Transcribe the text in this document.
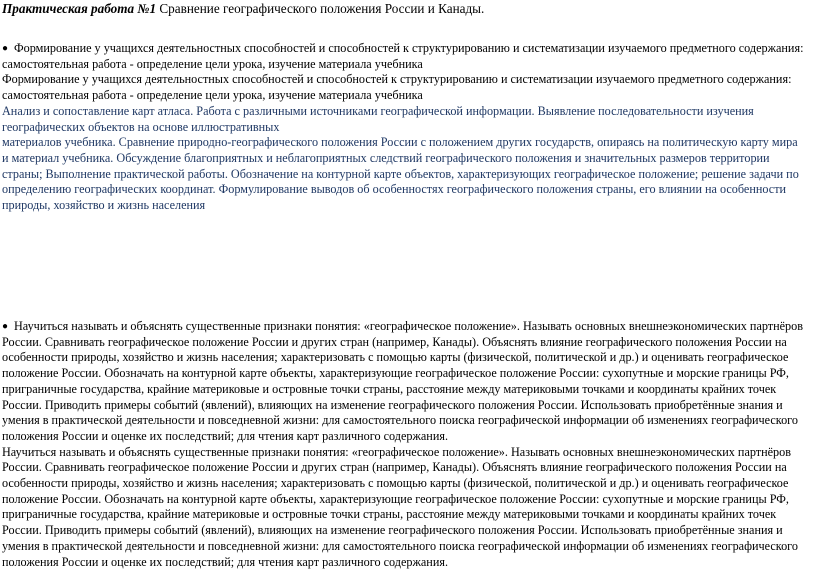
Практическая работа №1 Сравнение географического положения России и Канады.
● Формирование у учащихся деятельностных способностей и способностей к структурированию и систематизации изучаемого предметного содержания:
самостоятельная работа - определение цели урока, изучение материала учебника
Формирование у учащихся деятельностных способностей и способностей к структурированию и систематизации изучаемого предметного содержания:
самостоятельная работа - определение цели урока, изучение материала учебника
Анализ и сопоставление карт атласа. Работа с различными источниками географической информации. Выявление последовательности изучения
географических объектов на основе иллюстративных
материалов учебника. Сравнение природно-географического положения России с положением других государств, опираясь на политическую карту мира
и материал учебника. Обсуждение благоприятных и неблагоприятных следствий географического положения и значительных размеров территории
страны; Выполнение практической работы. Обозначение на контурной карте объектов, характеризующих географическое положение; решение задачи по
определению географических координат. Формулирование выводов об особенностях географического положения страны, его влиянии на особенности
природы, хозяйство и жизнь населения
● Научиться называть и объяснять существенные признаки понятия: «географическое положение». Называть основных внешнеэкономических партнёров
России. Сравнивать географическое положение России и других стран (например, Канады). Объяснять влияние географического положения России на
особенности природы, хозяйство и жизнь населения; характеризовать с помощью карты (физической, политической и др.) и оценивать географическое
положение России. Обозначать на контурной карте объекты, характеризующие географическое положение России: сухопутные и морские границы РФ,
приграничные государства, крайние материковые и островные точки страны, расстояние между материковыми точками и координаты крайних точек
России. Приводить примеры событий (явлений), влияющих на изменение географического положения России. Использовать приобретённые знания и
умения в практической деятельности и повседневной жизни: для самостоятельного поиска географической информации об изменениях географического
положения России и оценке их последствий; для чтения карт различного содержания.
Научиться называть и объяснять существенные признаки понятия: «географическое положение». Называть основных внешнеэкономических партнёров
России. Сравнивать географическое положение России и других стран (например, Канады). Объяснять влияние географического положения России на
особенности природы, хозяйство и жизнь населения; характеризовать с помощью карты (физической, политической и др.) и оценивать географическое
положение России. Обозначать на контурной карте объекты, характеризующие географическое положение России: сухопутные и морские границы РФ,
приграничные государства, крайние материковые и островные точки страны, расстояние между материковыми точками и координаты крайних точек
России. Приводить примеры событий (явлений), влияющих на изменение географического положения России. Использовать приобретённые знания и
умения в практической деятельности и повседневной жизни: для самостоятельного поиска географической информации об изменениях географического
положения России и оценке их последствий; для чтения карт различного содержания.
